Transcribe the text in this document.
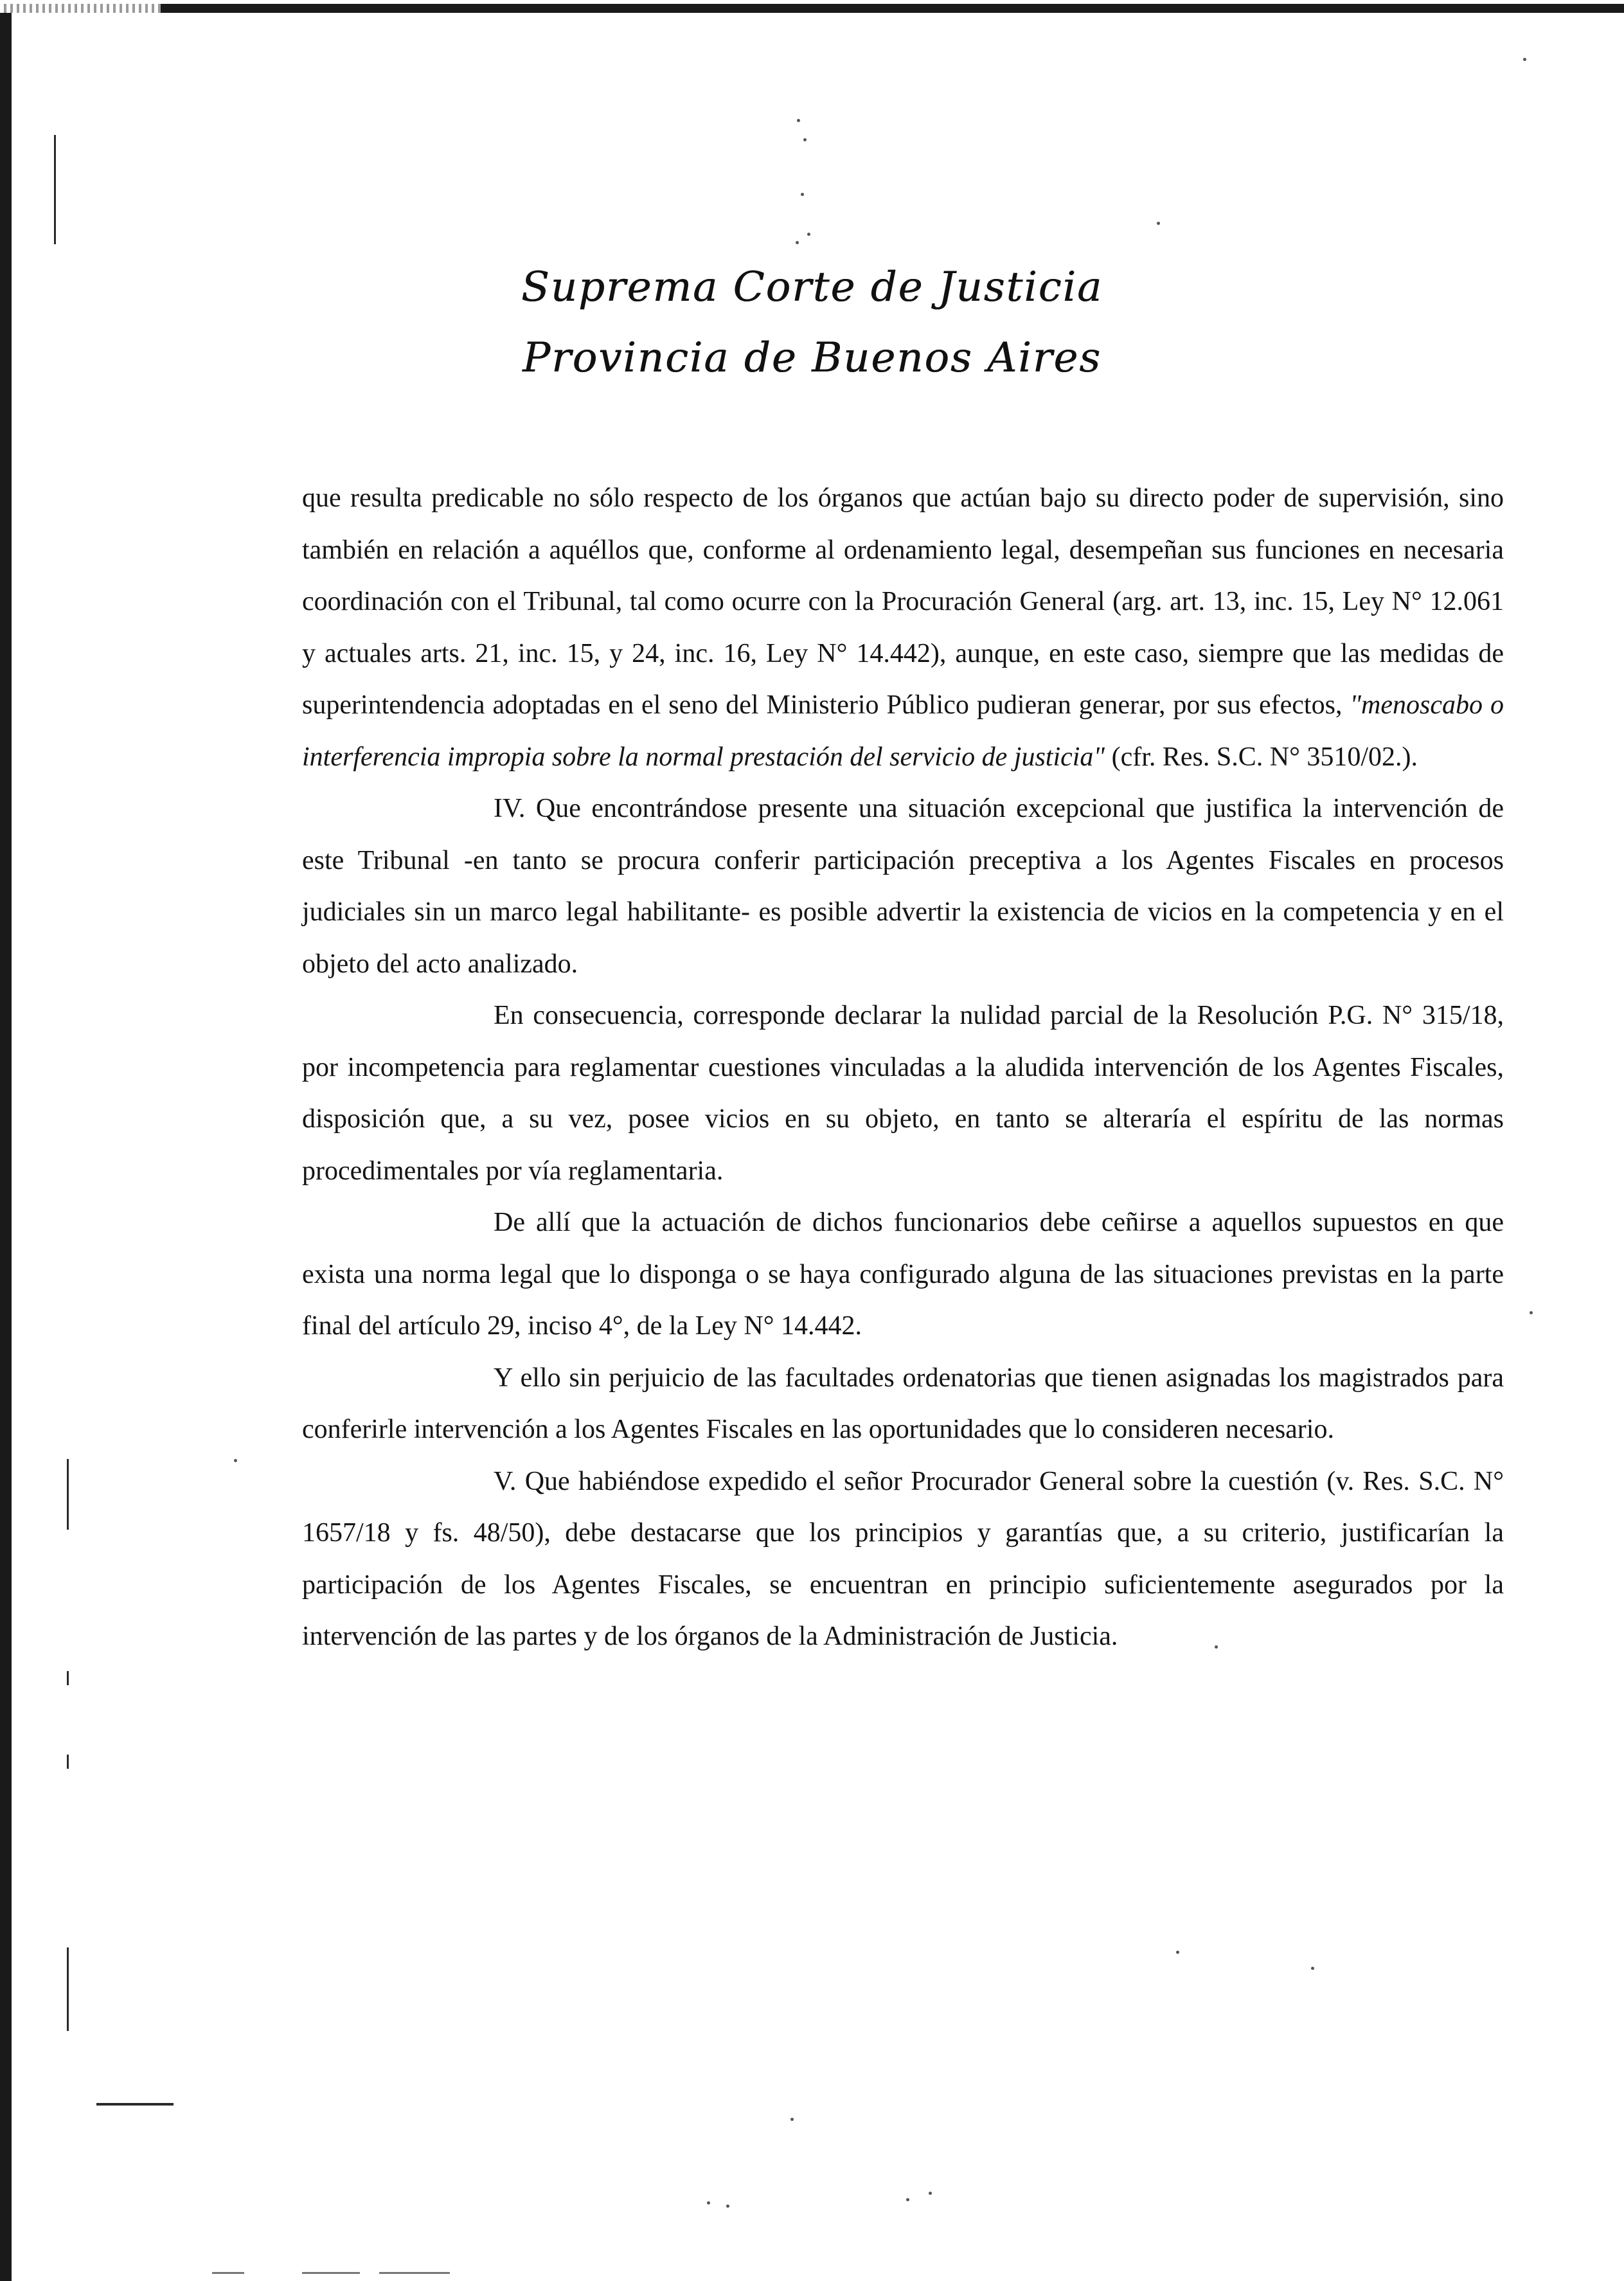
Suprema Corte de Justicia
Provincia de Buenos Aires

que resulta predicable no sólo respecto de los órganos que actúan bajo su directo poder de supervisión, sino también en relación a aquéllos que, conforme al ordenamiento legal, desempeñan sus funciones en necesaria coordinación con el Tribunal, tal como ocurre con la Procuración General (arg. art. 13, inc. 15, Ley N° 12.061 y actuales arts. 21, inc. 15, y 24, inc. 16, Ley N° 14.442), aunque, en este caso, siempre que las medidas de superintendencia adoptadas en el seno del Ministerio Público pudieran generar, por sus efectos, "menoscabo o interferencia impropia sobre la normal prestación del servicio de justicia" (cfr. Res. S.C. N° 3510/02.).

IV. Que encontrándose presente una situación excepcional que justifica la intervención de este Tribunal -en tanto se procura conferir participación preceptiva a los Agentes Fiscales en procesos judiciales sin un marco legal habilitante- es posible advertir la existencia de vicios en la competencia y en el objeto del acto analizado.

En consecuencia, corresponde declarar la nulidad parcial de la Resolución P.G. N° 315/18, por incompetencia para reglamentar cuestiones vinculadas a la aludida intervención de los Agentes Fiscales, disposición que, a su vez, posee vicios en su objeto, en tanto se alteraría el espíritu de las normas procedimentales por vía reglamentaria.

De allí que la actuación de dichos funcionarios debe ceñirse a aquellos supuestos en que exista una norma legal que lo disponga o se haya configurado alguna de las situaciones previstas en la parte final del artículo 29, inciso 4°, de la Ley N° 14.442.

Y ello sin perjuicio de las facultades ordenatorias que tienen asignadas los magistrados para conferirle intervención a los Agentes Fiscales en las oportunidades que lo consideren necesario.

V. Que habiéndose expedido el señor Procurador General sobre la cuestión (v. Res. S.C. N° 1657/18 y fs. 48/50), debe destacarse que los principios y garantías que, a su criterio, justificarían la participación de los Agentes Fiscales, se encuentran en principio suficientemente asegurados por la intervención de las partes y de los órganos de la Administración de Justicia.
